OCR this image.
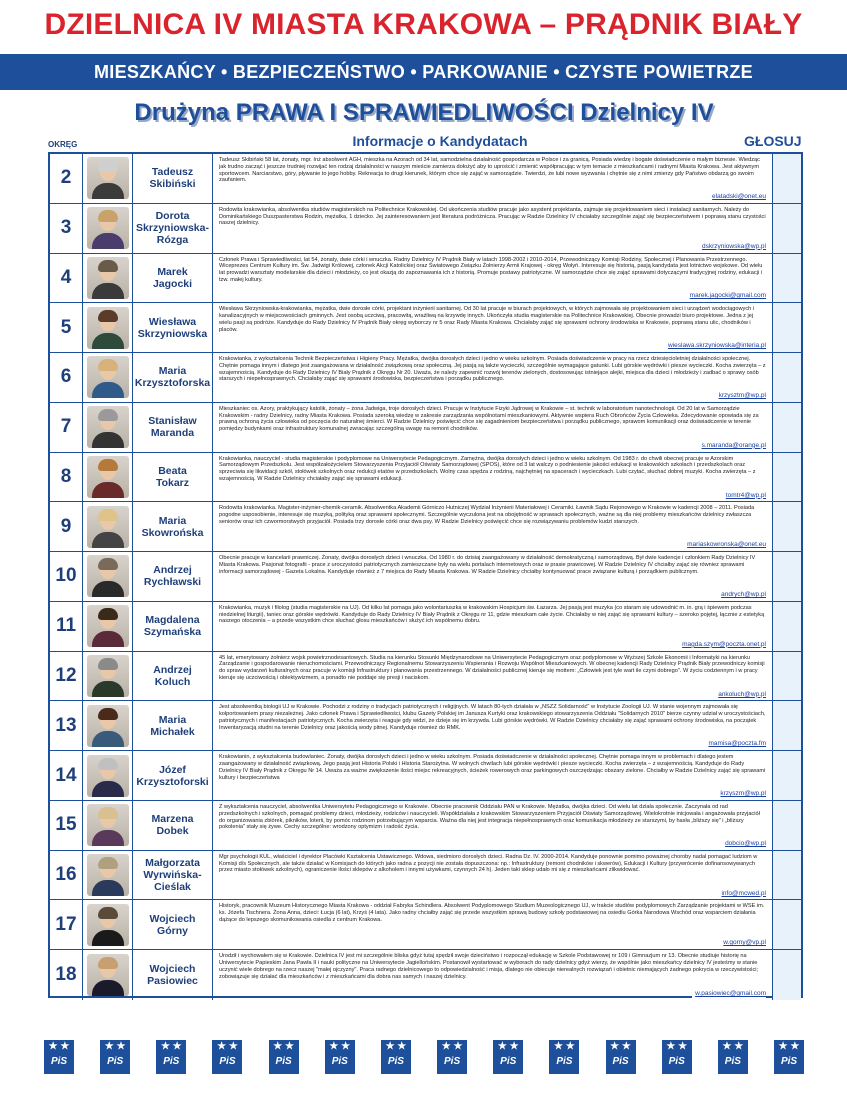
DZIELNICA IV MIASTA KRAKOWA – PRĄDNIK BIAŁY
MIESZKAŃCY • BEZPIECZEŃSTWO • PARKOWANIE • CZYSTE POWIETRZE
Drużyna PRAWA I SPRAWIEDLIWOŚCI Dzielnicy IV
OKRĘG	Informacje o Kandydatach	GŁOSUJ
2	Tadeusz
Skibiński
Tadeusz Skibiński 58 lat, żonaty, mgr. Inż absolwent AGH, mieszka na Azorach od 34 lat, samodzielna działalność gospodarcza w Polsce i za granicą. Posiada wiedzę i bogate doświadczenie o małym biznesie. Wiedząc jak trudno zacząć i jeszcze trudniej rozwijać ten rodzaj działalności w naszym mieście zamierza dołożyć aby to uprościć i zmienić współpracując w tym temacie z mieszkańcami i radnymi Miasta Krakowa. Jest aktywnym sportowcem. Narciarstwo, góry, pływanie to jego hobby. Rekreacja to drugi kierunek, którym chce się zająć w samorządzie. Twierdzi, że lubi nowe wyzwania i chętnie się z nimi zmierzy gdy Państwo obdarzą go swoim zaufaniem.
elatadski@onet.eu
3
Dorota
Skrzyniowska-Rózga
Rodowita krakowianka, absolwentka studiów magisterskich na Politechnice Krakowskiej. Od ukończenia studiów pracuje jako asystent projektanta, zajmuje się projektowaniem sieci i instalacji sanitarnych. Należy do Dominikańskiego Duszpasterstwa Rodzin, mężatka, 1 dziecko. Jej zainteresowaniem jest literatura podróżnicza. Pracując w Radzie Dzielnicy IV chciałaby szczególnie zająć się bezpieczeństwem i poprawą stanu czystości naszej dzielnicy.
dskrzyniowska@wp.pl
4	Marek
Jagocki
Członek Prawa i Sprawiedliwości, lat 54, żonaty, dwie córki i wnuczka. Radny Dzielnicy IV Prądnik Biały w latach 1998-2002 i 2010-2014, Przewodniczący Komisji Rodziny, Społecznej i Planowania Przestrzennego. Wiceprezes Centrum Kultury im. Św. Jadwigi Królowej, członek Akcji Katolickiej oraz Światowego Związku Żołnierzy Armii Krajowej - okręg Wołyń. Interesuje się historią, pasją kandydata jest lotnictwo wojskowe. Od wielu lat prowadzi warsztaty modelarskie dla dzieci i młodzieży, co jest okazją do zapoznawania ich z historią. Promuje postawy patriotyczne. W samorządzie chce się zająć sprawami dotyczącymi tradycyjnej rodziny, edukacji i tzw. małej kultury.
marek.jagocki@gmail.com
5	Wiesława
Skrzyniowska
Wiesława Skrzyniowska-krakowianka, mężatka, dwie dorosłe córki, projektant inżynierii sanitarnej. Od 30 lat pracuje w biurach projektowych, w których zajmowała się projektowaniem sieci i urządzeń wodociągowych i kanalizacyjnych w miejscowościach gminnych. Jest osobą uczciwą, pracowitą, wrażliwą na krzywdę innych. Ukończyła studia magisterskie na Politechnice Krakowskiej. Obecnie prowadzi biuro projektowe. Jedna z jej wielu pasji są podróże. Kandyduje do Rady Dzielnicy IV Prądnik Biały okręg wyborczy nr 5 oraz Rady Miasta Krakowa. Chciałaby zająć się sprawami ochrony środowiska w Krakowie, poprawą stanu ulic, chodników i placów.
wieslawa.skrzyniowska@interia.pl
6	Maria
Krzysztoforska
Krakowianka, z wykształcenia Technik Bezpieczeństwa i Higieny Pracy. Mężatka, dwójka dorosłych dzieci i jedno w wieku szkolnym. Posiada doświadczenie w pracy na rzecz dziesięcioletniej działalności społecznej. Chętnie pomaga innym i dlatego jest zaangażowana w działalność związkową oraz społeczną. Jej pasją są także wycieczki, szczególnie wymagające gatunki. Lubi górskie wędrówki i piesze wycieczki. Kocha zwierzęta – z wzajemnością. Kandyduje do Rady Dzielnicy IV Biały Prądnik z Okręgu Nr 20. Uważa, że należy zapewnić rozwój terenów zielonych, dostosowując istniejące alejki, miejsca dla dzieci i młodzieży i zadbać o sprawy osób starszych i niepełnosprawnych. Chciałaby zająć się sprawami środowiska, bezpieczeństwa i porządku publicznego.
krzysztm@wp.pl
7	Stanisław
Maranda
Mieszkaniec os. Azory, praktykujący katolik, żonaty – żona Jadwiga, troje dorosłych dzieci. Pracuje w Instytucie Fizyki Jądrowej w Krakowie – st. technik w laboratorium nanotechnologii. Od 20 lat w Samorządzie Krakowskim - radny Dzielnicy, radny Miasta Krakowa. Posiada szeroką wiedzę w zakresie zarządzania wspólnotami mieszkaniowymi. Aktywnie wspiera Ruch Obrońców Życia Człowieka. Zdecydowanie opowiada się za prawną ochroną życia człowieka od poczęcia do naturalnej śmierci. W Radzie Dzielnicy poświęcić chce się zagadnieniom bezpieczeństwa i porządku publicznego, sprawom komunikacji oraz doświadczenie w terenie pomiędzy budynkami oraz infrastruktury komunalnej zwracając szczególną uwagę na remont chodników.
s.maranda@orange.pl
8	Beata
Tokarz
Krakowianka, nauczyciel - studia magisterskie i podyplomowe na Uniwersytecie Pedagogicznym. Zamężna, dwójka dorosłych dzieci i jedno w wieku szkolnym. Od 1983 r. do chwili obecnej pracuje w Azorskim Samorządowym Przedszkolu. Jest współzałożycielem Stowarzyszenia Przyjaciół Oświaty Samorządowej (SPOS), które od 3 lat walczy o podniesienie jakości edukacji w krakowskich szkołach i przedszkolach oraz sprzeciwia się likwidacji szkół, stołówek szkolnych oraz redukcji etatów w przedszkolach. Wolny czas spędza z rodziną, najchętniej na spacerach i wycieczkach. Lubi czytać, słuchać dobrej muzyki. Kocha zwierzęta – z wzajemnością. W Radzie Dzielnicy chciałaby zająć się sprawami edukacji.
tomtr4@wp.pl
9	Maria
Skowrońska
Rodowita krakowianka. Magister-inżynier-chemik-ceramik. Absolwentka Akademii Górniczo Hutniczej Wydział Inżynierii Materiałowej i Ceramiki. Ławnik Sądu Rejonowego w Krakowie w kadencji 2008 – 2011. Posiada pogodne usposobienie, interesuje się muzyką, polityką oraz sprawami społecznymi. Szczególnie wyczulona jest na obojętność w sprawach społecznych, ważne są dla niej problemy mieszkańców dzielnicy zwłaszcza seniorów oraz ich czwormorstwych przyjaciół. Posiada trzy dorosłe córki oraz dwa psy. W Radzie Dzielnicy poświęcić chce się rozwiązywaniu problemów kudzi starszych.
mariaskowronska@onet.eu
10	Andrzej
Rychławski
Obecnie pracuje w kancelarii prawniczej. Żonaty, dwójka dorosłych dzieci i wnuczka. Od 1980 r. do dzisiaj zaangażowany w działalność demokratyczną i samorządową. Był dwie kadencje i członkiem Rady Dzielnicy IV Miasta Krakowa. Pasjonat fotografii - prace z uroczystości patriotycznych zamieszczane były na wielu portalach internetowych oraz w prasie prawicowej. W Radzie Dzielnicy IV chciałby zająć się równiez sprawami informacji samorządowej - Gazeta Lokalna. Kandyduje również z 7 miejsca do Rady Miasta Krakowa. W Radzie Dzielnicy chciałby kontynuować prace związane kulturą i porządkiem publicznym.
andrych@wp.pl
11	Magdalena
Szymańska
Krakowianka, muzyk i filolog (studia magisterskie na UJ). Od kilku lat pomaga jako wolontariuszka w krakowskim Hospicjum św. Łazarza. Jej pasją jest muzyka (co staram się udowodnić m. in. grą i śpiewem podczas niedzielnej liturgii), taniec oraz górskie wędrówki. Kandyduje do Rady Dzielnicy IV Biały Prądnik z Okręgu nr 11, gdzie mieszkam całe życie. Chciałaby w niej zająć się sprawami kultury – szeroko pojętej, łącznie z estetyką naszego otoczenia – a przede wszystkim chce słuchać głosu mieszkańców i służyć ich wspólnemu dobru.
magda.szym@poczta.onet.pl
12	Andrzej
Koluch
45 lat, emerytowany żołnierz wojsk powietrznodesantowych. Studia na kierunku Stosunki Międzynarodowe na Uniwersytecie Pedagogicznym oraz podyplomowe w Wyższej Szkole Ekonomii i Informatyki na kierunku Zarządzanie i gospodarowanie nieruchomościami. Przewodniczący Regionalnemu Stowarzyszeniu Wspierania i Rozwoju Wspólnot Mieszkaniowych. W obecnej kadencji Rady Dzielnicy Prądnik Biały przewodniczy komisji do spraw wydarzeń kulturalnych oraz pracuje w komisji Infrastruktury i planowania przestrzennego. W działalności publicznej kieruje się mottem: „Człowiek jest tyle wart ile czyni dobrego". W życiu codziennym i w pracy kieruje się uczciwością i obiektywizmem, a ponadto nie poddaje się presji i naciskom.
ankoluch@wp.pl
13	Maria
Michałek
Jest absolwentką biologii UJ w Krakowie. Pochodzi z rodziny o tradycjach patriotycznych i religijnych. W latach 80-tych działała w „NSZZ Solidarność" w Instytucie Zoologii UJ. W stanie wojennym zajmowała się kolportowaniem prasy niezależnej. Jako członek Prawa i Sprawiedliwości, klubu Gazety Polskiej im Janusza Kurtyki oraz krakowskiego stowarzyszenia Oddziału "Solidarnych 2010" bierze czynny udział w uroczystościach, patriotycznych i manifestacjach patriotycznych. Kocha zwierzęta i reaguje gdy widzi, że dzieje się im krzywda. Lubi górskie wędrówki. W Radzie Dzielnicy chciałaby się zająć sprawami ochrony środowiska, na początek Inwentaryzacją studni na terenie Dzielnicy oraz jakością wody pitnej. Kandyduje również do RMK.
mamisa@poczta.fm
14	Józef
Krzysztoforski
Krakowianin, z wykształcenia budowlaniec. Żonaty, dwójka dorosłych dzieci i jedno w wieku szkolnym. Posiada doświadczenie w działalności społecznej. Chętnie pomaga innym w problemach i dlatego jestem zaangażowany w działalność związkową. Jego pasją jest Historia Polski i Historia Starożytna. W wolnych chwilach lubi górskie wędrówki i piesze wycieczki. Kocha zwierzęta – z wzajemnością. Kandyduje do Rady Dzielnicy IV Biały Prądnik z Okręgu Nr 14. Uważa za ważne zwiększenie ilości miejsc rekreacyjnych, ścieżek rowerowych oraz parkingowych oszczędzając obszary zielone. Chciałby w Radzie Dzielnicy zająć się sprawami kultury i bezpieczeństwa
krzyszm@wp.pl
15	Marzena
Dobek
Z wykształcenia nauczyciel, absolwentka Uniwersytetu Pedagogicznego w Krakowie. Obecnie pracownik Oddziału PAN w Krakowie. Mężatka, dwójka dzieci. Od wielu lat działa społecznie. Zaczynała od rad przedszkolnych i szkolnych, pomagać problemy dzieci, młodzieży, rodziców i nauczycieli. Współdziałała z krakowskim Stowarzyszeniem Przyjaciół Oświaty Samorządowej. Wielokrotnie inicjowała i angażowała przyjaciół do organizowania zbiórek, pikników, loterii, by pomóc rodzinom potrzebującym wsparcia. Ważna dla niej jest integracja niepełnosprawnych oraz komunikacja młodzieży ze starszymi, by hasła „bliższy się" i „bliższy pokolenia" stały się żywe. Cechy szczególne: wrodzony optymizm i radość życia.
dobcio@wp.pl
16
Małgorzata
Wyrwińska-Cieślak
Mgr psychologii KUL, właściciel i dyrektor Placówki Kształcenia Ustawicznego. Wdowa, siedmioro dorosłych dzieci. Radna Dz. IV. 2000-2014. Kandyduje ponownie pomimo poważnej choroby nadal pomagać ludziom w Komisji d/s Społecznych, ale także działać w Komisjach do których jako radna z pozycji nie została dopuszczona: np.: Infrastruktury (remont chodników i skwerów), Edukacji i Kultury (przywrócenie dofinansowywanych przez miasto stołówek szkolnych), ograniczenie ilości sklepów z alkoholem i innymi używkami, czynnych 24 h). Jeden taki sklep udało mi się z mieszkańcami zlikwidować.
info@mcwed.pl
17	Wojciech
Górny
Historyk, pracownik Muzeum Historycznego Miasta Krakowa - oddział Fabryka Schindlera. Absolwent Podyplomowego Studium Muzeologicznego UJ, w trakcie studiów podyplomowych Zarządzanie projektami w WSE im. ks. Józefa Tischnera. Żona Anna, dzieci: Łucja (6 lat), Krzyś (4 lata). Jako radny chciałby zająć się przede wszystkim sprawą budowy szkoły podstawowej na osiedlu Górka Narodowa Wschód oraz wsparciem działania dążące do lepszego skomunikowania osiedla z centrum Krakowa.
w.gorny@vp.pl
18	Wojciech
Pasiowiec
Urodził i wychowałem się w Krakowie. Dzielnica IV jest mi szczególnie bliska gdyż tutaj spędził swoje dzieciństwo i rozpoczął edukację w Szkole Podstawowej nr 109 i Gimnazjum nr 13. Obecnie studiuje historię na Uniwersytecie Papieskim Jana Pawła II i nauki polityczne na Uniwersytecie Jagiellońskim. Postanowił wystartować w wyborach do rady dzielnicy gdyż wierzy, że wspólnie jako mieszkańcy dzielnicy IV jesteśmy w stanie uczynić wiele dobrego na rzecz naszej "małej ojczyzny". Praca radnego dzielnicowego to odpowiedzialność i misja, dlatego nie obiecuje nierealnych rozwiązań i obietnic niemających żadnego pokrycia w rzeczywistości; zobowiązuje się działać dla mieszkańców i z mieszkańcami dla dobra nas samych i naszej dzielnicy.
w.pasiowiec@gmail.com
★ ★
PiS
★ ★
PiS
★ ★
PiS
★ ★
PiS
★ ★
PiS
★ ★
PiS
★ ★
PiS
★ ★
PiS
★ ★
PiS
★ ★
PiS
★ ★
PiS
★ ★
PiS
★ ★
PiS
★ ★
PiS
